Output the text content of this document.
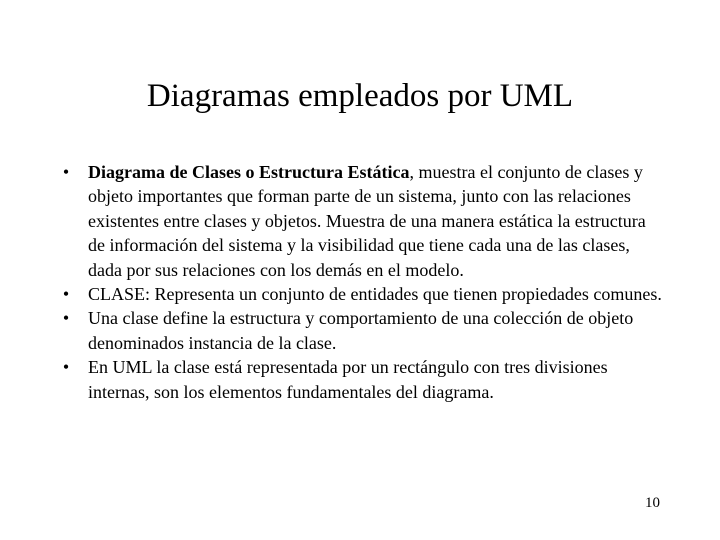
Diagramas empleados por UML
•	Diagrama de Clases o Estructura Estática, muestra el conjunto de clases y objeto importantes que forman parte de un sistema, junto con las relaciones existentes entre clases y objetos. Muestra de una manera estática la estructura de información del sistema y la visibilidad que tiene cada una de las clases, dada por sus relaciones con los demás en el modelo.
•	CLASE: Representa un conjunto de entidades que tienen propiedades comunes.
•	Una clase define la estructura y comportamiento de una colección de objeto denominados instancia de la clase.
•	En UML la clase está representada por un rectángulo con tres divisiones internas, son los elementos fundamentales del diagrama.
10
